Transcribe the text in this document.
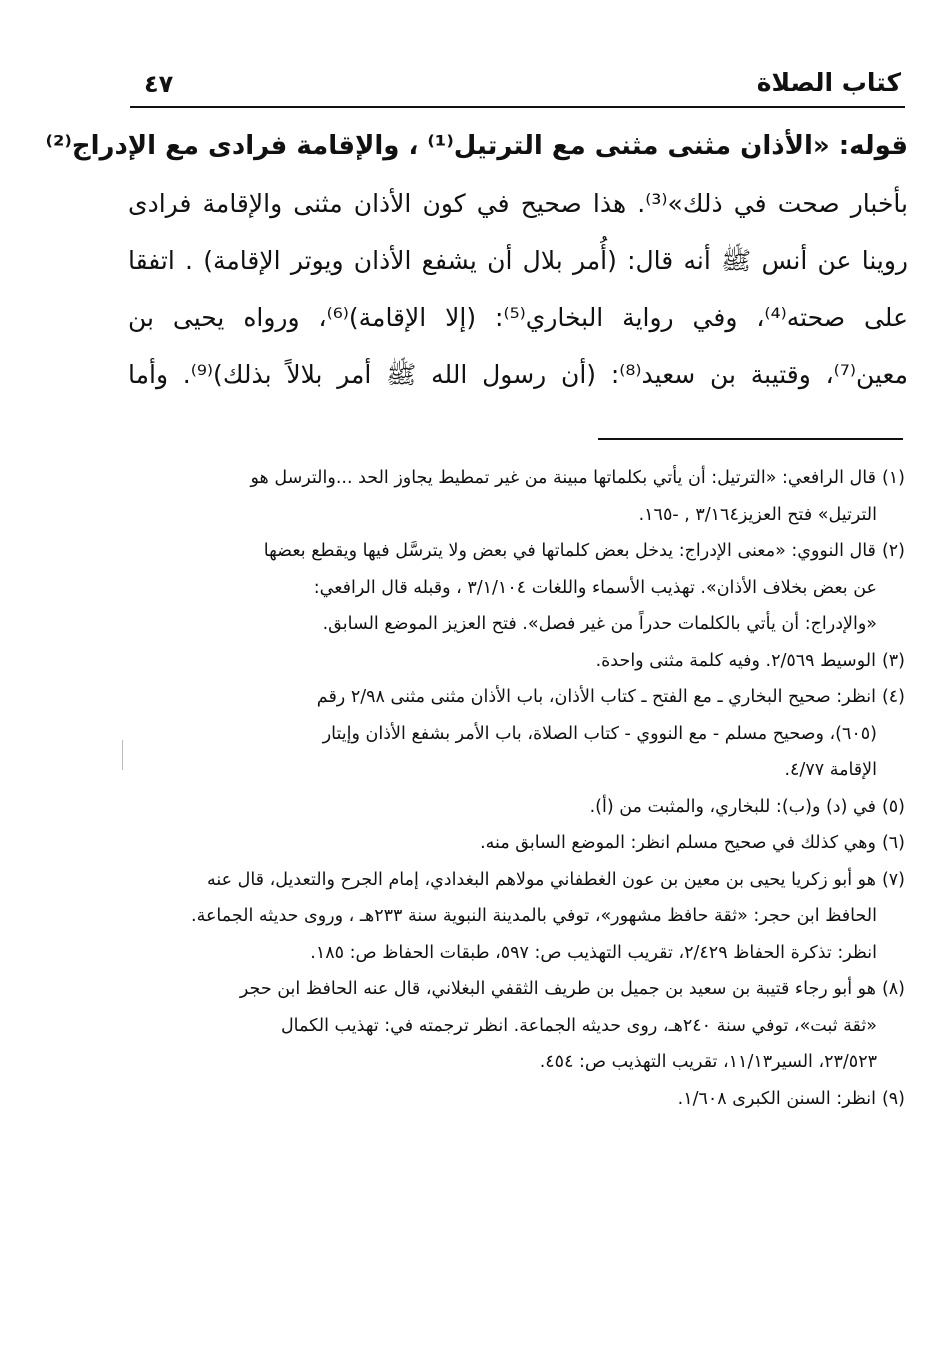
٤٧	كتاب الصلاة
قوله: «الأذان مثنى مثنى مع الترتيل⁽¹⁾ ، والإقامة فرادى مع الإدراج⁽²⁾
بأخبار صحت في ذلك»⁽³⁾. هذا صحيح في كون الأذان مثنى والإقامة فرادى
روينا عن أنس ﷺ أنه قال: (أُمر بلال أن يشفع الأذان ويوتر الإقامة) . اتفقا
على صحته⁽⁴⁾، وفي رواية البخاري⁽⁵⁾: (إلا الإقامة)⁽⁶⁾، ورواه يحيى بن
معين⁽⁷⁾، وقتيبة بن سعيد⁽⁸⁾: (أن رسول الله ﷺ أمر بلالاً بذلك)⁽⁹⁾. وأما
(١)قال الرافعي: «الترتيل: أن يأتي بكلماتها مبينة من غير تمطيط يجاوز الحد ...والترسل هو
الترتيل» فتح العزيز٣/١٦٤ , -١٦٥.
(٢)قال النووي: «معنى الإدراج: يدخل بعض كلماتها في بعض ولا يترسَّل فيها ويقطع بعضها
عن بعض بخلاف الأذان». تهذيب الأسماء واللغات ٣/١/١٠٤ ، وقبله قال الرافعي:
«والإدراج: أن يأتي بالكلمات حدراً من غير فصل». فتح العزيز الموضع السابق.
(٣)الوسيط ٢/٥٦٩. وفيه كلمة مثنى واحدة.
(٤)انظر: صحيح البخاري ـ مع الفتح ـ كتاب الأذان، باب الأذان مثنى مثنى ٢/٩٨ رقم
(٦٠٥)، وصحيح مسلم - مع النووي - كتاب الصلاة، باب الأمر بشفع الأذان وإيتار
الإقامة ٤/٧٧.
(٥)في (د) و(ب): للبخاري، والمثبت من (أ).
(٦)وهي كذلك في صحيح مسلم انظر: الموضع السابق منه.
(٧)هو أبو زكريا يحيى بن معين بن عون الغطفاني مولاهم البغدادي، إمام الجرح والتعديل، قال عنه
الحافظ ابن حجر: «ثقة حافظ مشهور»، توفي بالمدينة النبوية سنة ٢٣٣هـ ، وروى حديثه الجماعة.
انظر: تذكرة الحفاظ ٢/٤٢٩، تقريب التهذيب ص: ٥٩٧، طبقات الحفاظ ص: ١٨٥.
(٨)هو أبو رجاء قتيبة بن سعيد بن جميل بن طريف الثقفي البغلاني، قال عنه الحافظ ابن حجر
«ثقة ثبت»، توفي سنة ٢٤٠هـ، روى حديثه الجماعة. انظر ترجمته في: تهذيب الكمال
٢٣/٥٢٣، السير١١/١٣، تقريب التهذيب ص: ٤٥٤.
(٩)انظر: السنن الكبرى ١/٦٠٨.
